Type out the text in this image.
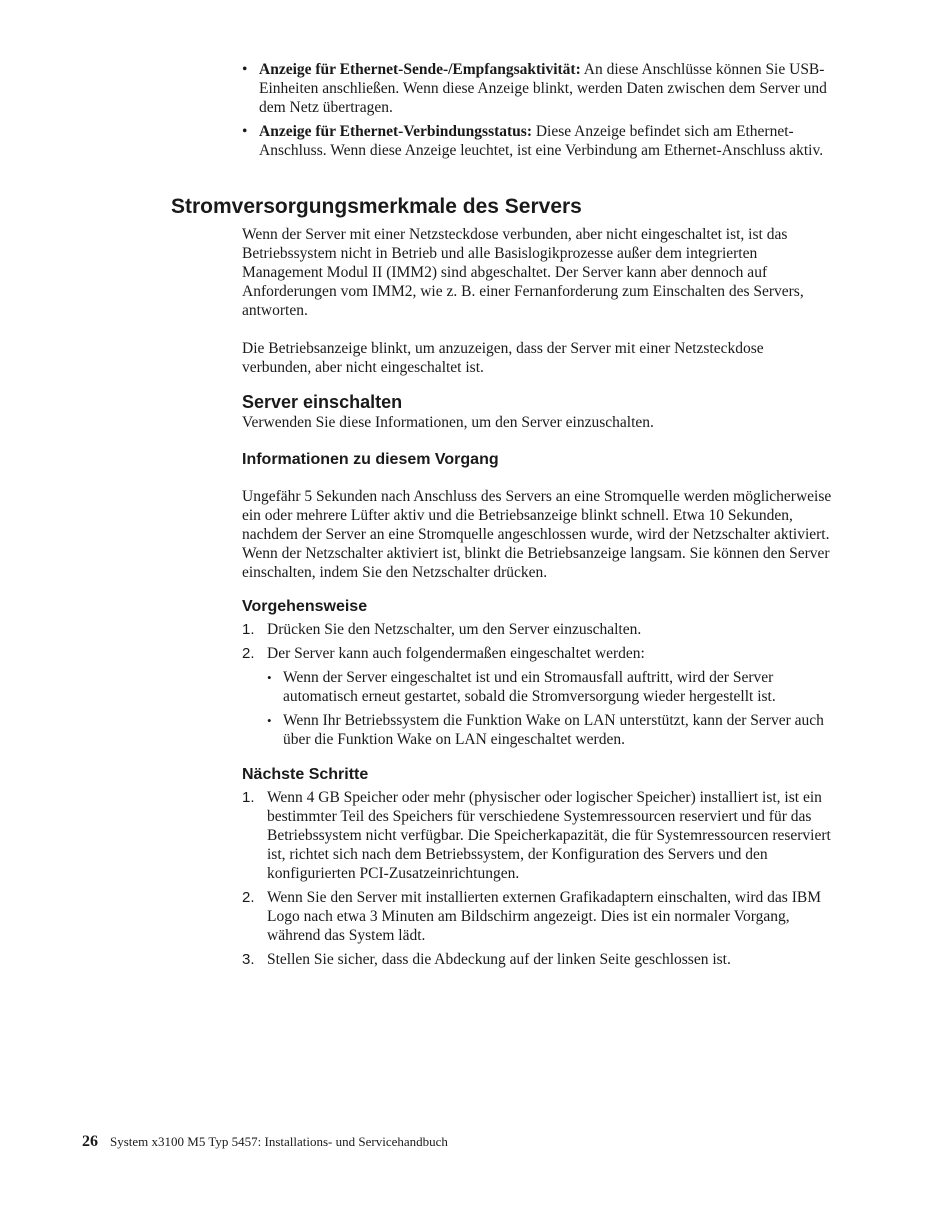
• Anzeige für Ethernet-Sende-/Empfangsaktivität: An diese Anschlüsse können Sie USB-Einheiten anschließen. Wenn diese Anzeige blinkt, werden Daten zwischen dem Server und dem Netz übertragen.
• Anzeige für Ethernet-Verbindungsstatus: Diese Anzeige befindet sich am Ethernet-Anschluss. Wenn diese Anzeige leuchtet, ist eine Verbindung am Ethernet-Anschluss aktiv.
Stromversorgungsmerkmale des Servers

Wenn der Server mit einer Netzsteckdose verbunden, aber nicht eingeschaltet ist, ist das Betriebssystem nicht in Betrieb und alle Basislogikprozesse außer dem integrierten Management Modul II (IMM2) sind abgeschaltet. Der Server kann aber dennoch auf Anforderungen vom IMM2, wie z. B. einer Fernanforderung zum Einschalten des Servers, antworten.

Die Betriebsanzeige blinkt, um anzuzeigen, dass der Server mit einer Netzsteckdose verbunden, aber nicht eingeschaltet ist.

Server einschalten

Verwenden Sie diese Informationen, um den Server einzuschalten.

Informationen zu diesem Vorgang

Ungefähr 5 Sekunden nach Anschluss des Servers an eine Stromquelle werden möglicherweise ein oder mehrere Lüfter aktiv und die Betriebsanzeige blinkt schnell. Etwa 10 Sekunden, nachdem der Server an eine Stromquelle angeschlossen wurde, wird der Netzschalter aktiviert. Wenn der Netzschalter aktiviert ist, blinkt die Betriebsanzeige langsam. Sie können den Server einschalten, indem Sie den Netzschalter drücken.

Vorgehensweise
1. Drücken Sie den Netzschalter, um den Server einzuschalten.
2. Der Server kann auch folgendermaßen eingeschaltet werden:
• Wenn der Server eingeschaltet ist und ein Stromausfall auftritt, wird der Server automatisch erneut gestartet, sobald die Stromversorgung wieder hergestellt ist.
• Wenn Ihr Betriebssystem die Funktion Wake on LAN unterstützt, kann der Server auch über die Funktion Wake on LAN eingeschaltet werden.
Nächste Schritte
1. Wenn 4 GB Speicher oder mehr (physischer oder logischer Speicher) installiert ist, ist ein bestimmter Teil des Speichers für verschiedene Systemressourcen reserviert und für das Betriebssystem nicht verfügbar. Die Speicherkapazität, die für Systemressourcen reserviert ist, richtet sich nach dem Betriebssystem, der Konfiguration des Servers und den konfigurierten PCI-Zusatzeinrichtungen.
2. Wenn Sie den Server mit installierten externen Grafikadaptern einschalten, wird das IBM Logo nach etwa 3 Minuten am Bildschirm angezeigt. Dies ist ein normaler Vorgang, während das System lädt.
3. Stellen Sie sicher, dass die Abdeckung auf der linken Seite geschlossen ist.
26 System x3100 M5 Typ 5457: Installations- und Servicehandbuch
